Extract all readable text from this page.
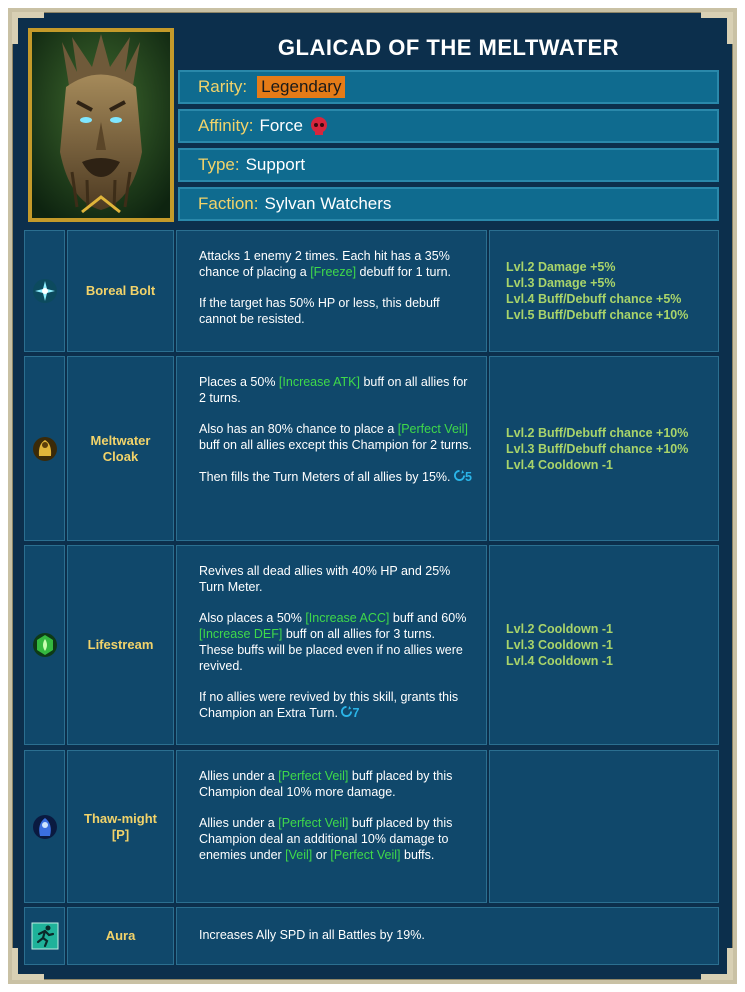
GLAICAD OF THE MELTWATER
Rarity: Legendary
Affinity: Force
Type: Support
Faction: Sylvan Watchers
Boreal Bolt

Attacks 1 enemy 2 times. Each hit has a 35% chance of placing a [Freeze] debuff for 1 turn.

If the target has 50% HP or less, this debuff cannot be resisted.

Lvl.2 Damage +5%
Lvl.3 Damage +5%
Lvl.4 Buff/Debuff chance +5%
Lvl.5 Buff/Debuff chance +10%
Meltwater Cloak

Places a 50% [Increase ATK] buff on all allies for 2 turns.

Also has an 80% chance to place a [Perfect Veil] buff on all allies except this Champion for 2 turns.

Then fills the Turn Meters of all allies by 15%. 5

Lvl.2 Buff/Debuff chance +10%
Lvl.3 Buff/Debuff chance +10%
Lvl.4 Cooldown -1
Lifestream

Revives all dead allies with 40% HP and 25% Turn Meter.

Also places a 50% [Increase ACC] buff and 60% [Increase DEF] buff on all allies for 3 turns. These buffs will be placed even if no allies were revived.

If no allies were revived by this skill, grants this Champion an Extra Turn. 7

Lvl.2 Cooldown -1
Lvl.3 Cooldown -1
Lvl.4 Cooldown -1
Thaw-might [P]

Allies under a [Perfect Veil] buff placed by this Champion deal 10% more damage.

Allies under a [Perfect Veil] buff placed by this Champion deal an additional 10% damage to enemies under [Veil] or [Perfect Veil] buffs.

Aura	Increases Ally SPD in all Battles by 19%.
